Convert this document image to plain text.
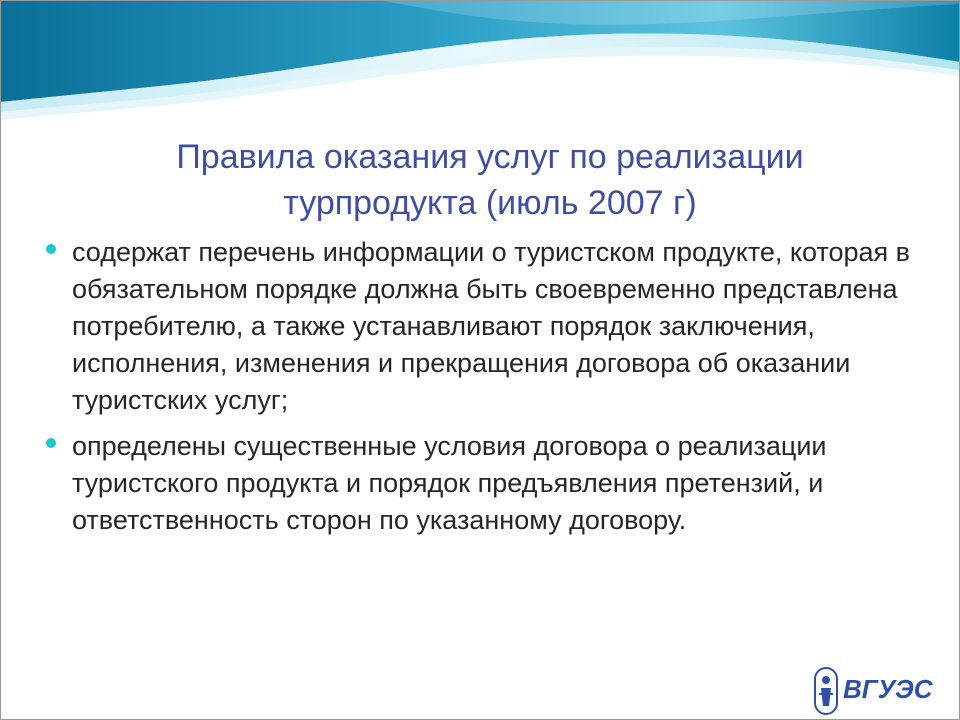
Правила оказания услуг по реализации
турпродукта (июль 2007 г)
содержат перечень информации о туристском продукте, которая в обязательном порядке должна быть своевременно представлена потребителю, а также устанавливают порядок заключения, исполнения, изменения и прекращения договора об оказании туристских услуг;
определены существенные условия договора о реализации туристского продукта и порядок предъявления претензий, и ответственность сторон по указанному договору.
ВГУЭС
